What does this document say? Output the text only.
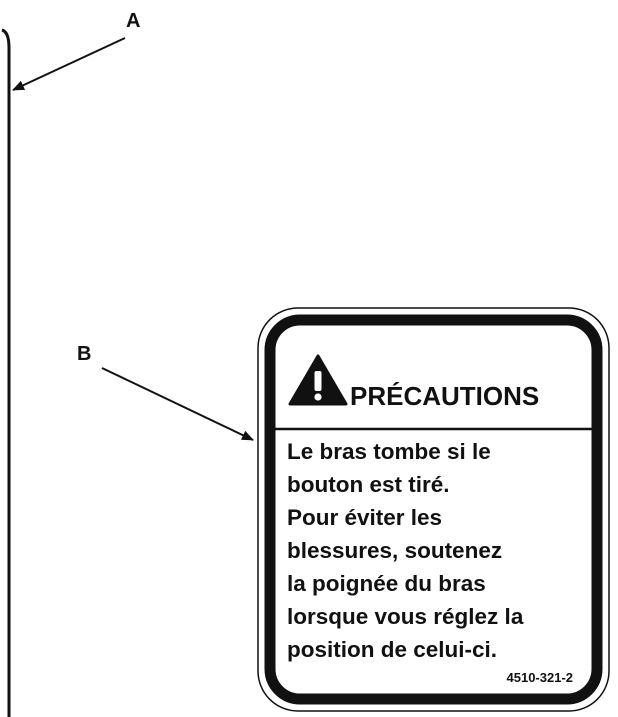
A
B
PRÉCAUTIONS
Le bras tombe si le
bouton est tiré.
Pour éviter les
blessures, soutenez
la poignée du bras
lorsque vous réglez la
position de celui-ci.
4510-321-2
